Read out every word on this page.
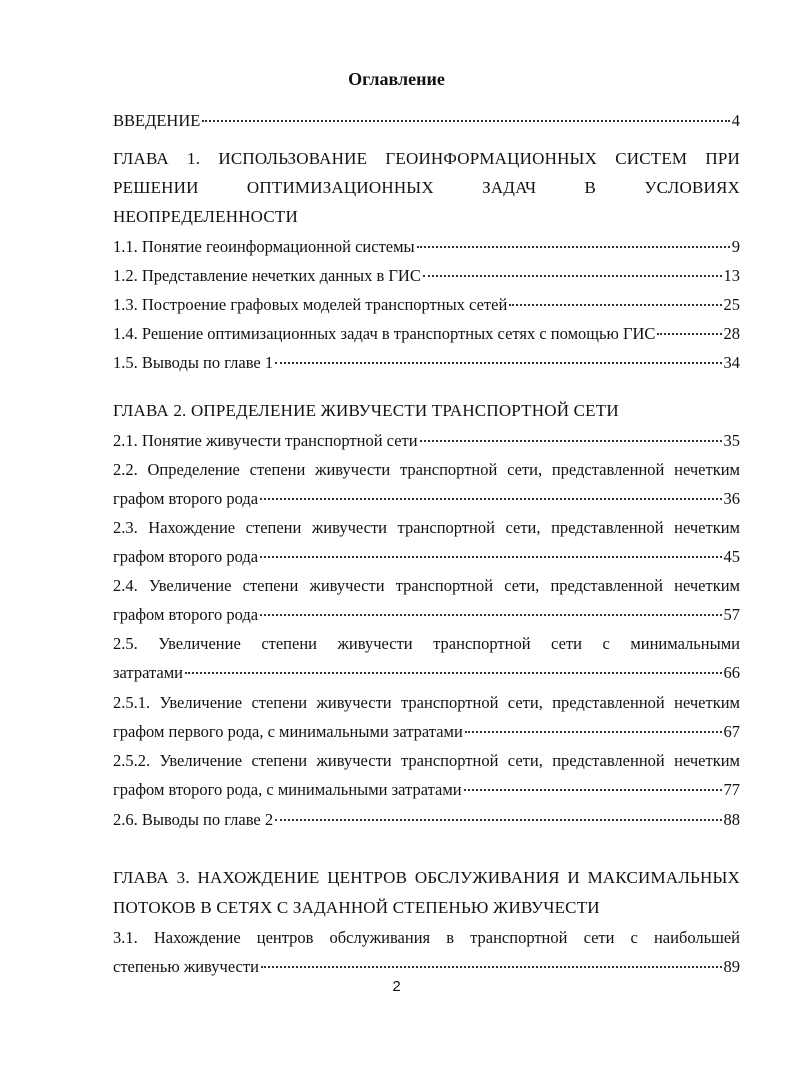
Оглавление
ВВЕДЕНИЕ	4
ГЛАВА 1. ИСПОЛЬЗОВАНИЕ ГЕОИНФОРМАЦИОННЫХ СИСТЕМ ПРИ
РЕШЕНИИ ОПТИМИЗАЦИОННЫХ ЗАДАЧ В УСЛОВИЯХ
НЕОПРЕДЕЛЕННОСТИ
1.1. Понятие геоинформационной системы	9
1.2. Представление нечетких данных в ГИС	13
1.3. Построение графовых моделей транспортных сетей	25
1.4. Решение оптимизационных задач в транспортных сетях с помощью ГИС	28
1.5. Выводы по главе 1	34
ГЛАВА 2. ОПРЕДЕЛЕНИЕ ЖИВУЧЕСТИ ТРАНСПОРТНОЙ СЕТИ
2.1. Понятие живучести транспортной сети	35
2.2. Определение степени живучести транспортной сети, представленной нечетким
графом второго рода	36
2.3. Нахождение степени живучести транспортной сети, представленной нечетким
графом второго рода	45
2.4. Увеличение степени живучести транспортной сети, представленной нечетким
графом второго рода	57
2.5. Увеличение степени живучести транспортной сети с минимальными
затратами	66
2.5.1. Увеличение степени живучести транспортной сети, представленной нечетким
графом первого рода, с минимальными затратами	67
2.5.2. Увеличение степени живучести транспортной сети, представленной нечетким
графом второго рода, с минимальными затратами	77
2.6. Выводы по главе 2	88
ГЛАВА 3. НАХОЖДЕНИЕ ЦЕНТРОВ ОБСЛУЖИВАНИЯ И МАКСИМАЛЬНЫХ
ПОТОКОВ В СЕТЯХ С ЗАДАННОЙ СТЕПЕНЬЮ ЖИВУЧЕСТИ
3.1. Нахождение центров обслуживания в транспортной сети с наибольшей
степенью живучести	89
2
